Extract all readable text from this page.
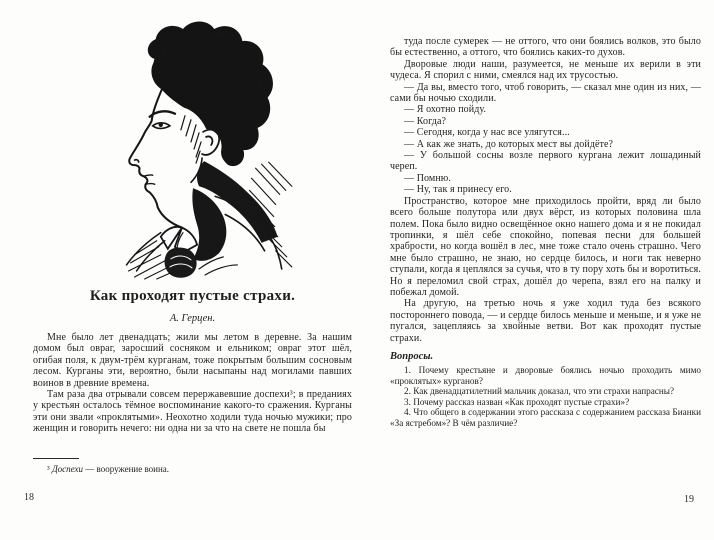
Как проходят пустые страхи.
А. Герцен.

Мне было лет двенадцать; жили мы летом в деревне. За нашим домом был овраг, заросший сосняком и ельником; овраг этот шёл, огибая поля, к двум-трём курганам, тоже покрытым большим сосновым лесом. Курганы эти, вероятно, были насыпаны над могилами павших воинов в древние времена.

Там раза два отрывали совсем перержавевшие доспехи³; в преданиях у крестьян осталось тёмное воспоминание какого-то сражения. Курганы эти они звали «проклятыми». Неохотно ходили туда ночью мужики; про женщин и говорить нечего: ни одна ни за что на свете не пошла бы

³ Доспехи — вооружение воина.

18

туда после сумерек — не оттого, что они боялись волков, это было бы естественно, а оттого, что боялись каких-то духов.

Дворовые люди наши, разумеется, не меньше их верили в эти чудеса. Я спорил с ними, смеялся над их трусостью.

— Да вы, вместо того, чтоб говорить, — сказал мне один из них, — сами бы ночью сходили.

— Я охотно пойду.

— Когда?

— Сегодня, когда у нас все улягутся...

— А как же знать, до которых мест вы дойдёте?

— У большой сосны возле первого кургана лежит лошадиный череп.

— Помню.

— Ну, так я принесу его.

Пространство, которое мне приходилось пройти, вряд ли было всего больше полутора или двух вёрст, из которых половина шла полем. Пока было видно освещённое окно нашего дома и я не покидал тропинки, я шёл себе спокойно, попевая песни для большей храбрости, но когда вошёл в лес, мне тоже стало очень страшно. Чего мне было страшно, не знаю, но сердце билось, и ноги так неверно ступали, когда я цеплялся за сучья, что в ту пору хоть бы и воротиться. Но я переломил свой страх, дошёл до черепа, взял его на палку и побежал домой.

На другую, на третью ночь я уже ходил туда без всякого постороннего повода, — и сердце билось меньше и меньше, и я уже не пугался, зацепляясь за хвойные ветви. Вот как проходят пустые страхи.

Вопросы.

1. Почему крестьяне и дворовые боялись ночью проходить мимо «проклятых» курганов?

2. Как двенадцатилетний мальчик доказал, что эти страхи напрасны?

3. Почему рассказ назван «Как проходят пустые страхи»?

4. Что общего в содержании этого рассказа с содержанием рассказа Бианки «За ястребом»? В чём различие?

19
